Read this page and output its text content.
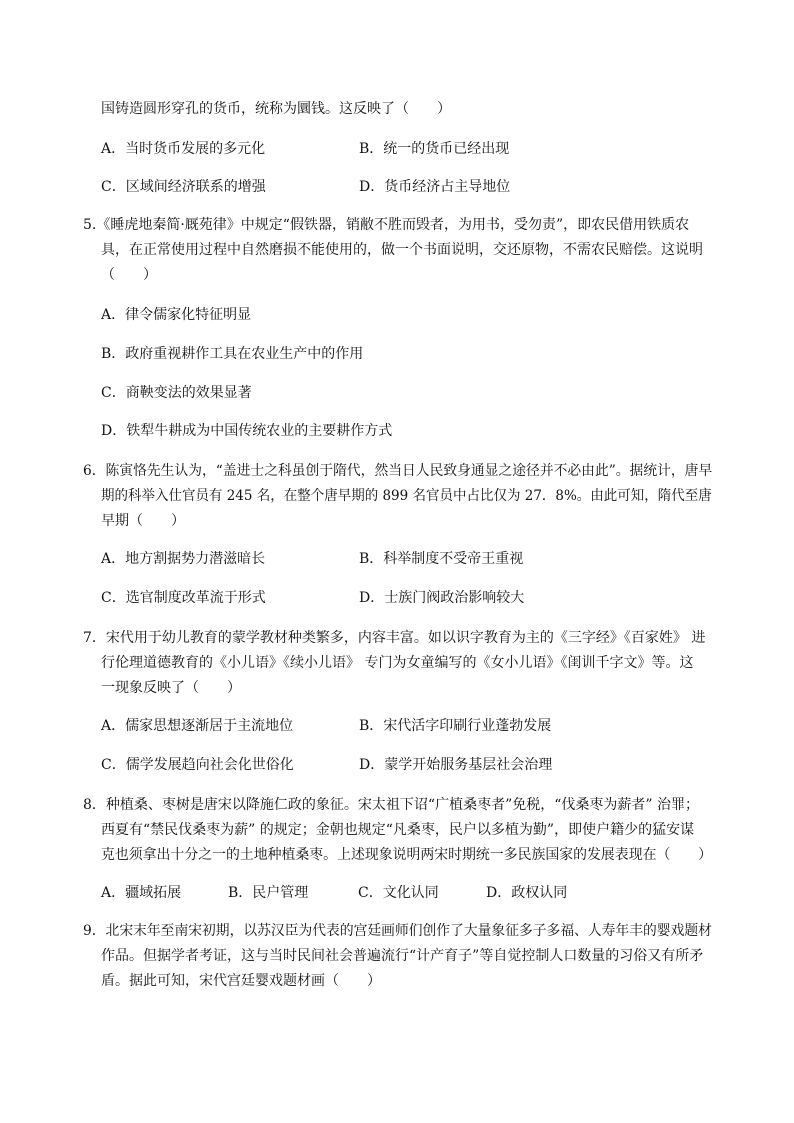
国铸造圆形穿孔的货币，统称为圜钱。这反映了（　　）
A．当时货币发展的多元化	B．统一的货币已经出现
C．区域间经济联系的增强	D．货币经济占主导地位
5.《睡虎地秦简·厩苑律》中规定“假铁器，销敝不胜而毁者，为用书，受勿责”，即农民借用铁质农
具，在正常使用过程中自然磨损不能使用的，做一个书面说明，交还原物，不需农民赔偿。这说明
（　　）
A．律令儒家化特征明显
B．政府重视耕作工具在农业生产中的作用
C．商鞅变法的效果显著
D．铁犁牛耕成为中国传统农业的主要耕作方式
6．陈寅恪先生认为，“盖进士之科虽创于隋代，然当日人民致身通显之途径并不必由此”。据统计，唐早
期的科举入仕官员有 245 名，在整个唐早期的 899 名官员中占比仅为 27．8%。由此可知，隋代至唐
早期（　　）
A．地方割据势力潜滋暗长	B．科举制度不受帝王重视
C．选官制度改革流于形式	D．士族门阀政治影响较大
7．宋代用于幼儿教育的蒙学教材种类繁多，内容丰富。如以识字教育为主的《三字经》《百家姓》 进
行伦理道德教育的《小儿语》《续小儿语》 专门为女童编写的《女小儿语》《闺训千字文》等。这
一现象反映了（　　）
A．儒家思想逐渐居于主流地位	B．宋代活字印刷行业蓬勃发展
C．儒学发展趋向社会化世俗化	D．蒙学开始服务基层社会治理
8．种植桑、枣树是唐宋以降施仁政的象征。宋太祖下诏“广植桑枣者”免税，“伐桑枣为薪者” 治罪；
西夏有“禁民伐桑枣为薪” 的规定；金朝也规定“凡桑枣，民户以多植为勤”，即使户籍少的猛安谋
克也须拿出十分之一的土地种植桑枣。上述现象说明两宋时期统一多民族国家的发展表现在（　　）
A．疆域拓展	B．民户管理	C．文化认同	D．政权认同
9．北宋末年至南宋初期，以苏汉臣为代表的宫廷画师们创作了大量象征多子多福、人寿年丰的婴戏题材
作品。但据学者考证，这与当时民间社会普遍流行“计产育子”等自觉控制人口数量的习俗又有所矛
盾。据此可知，宋代宫廷婴戏题材画（　　）
